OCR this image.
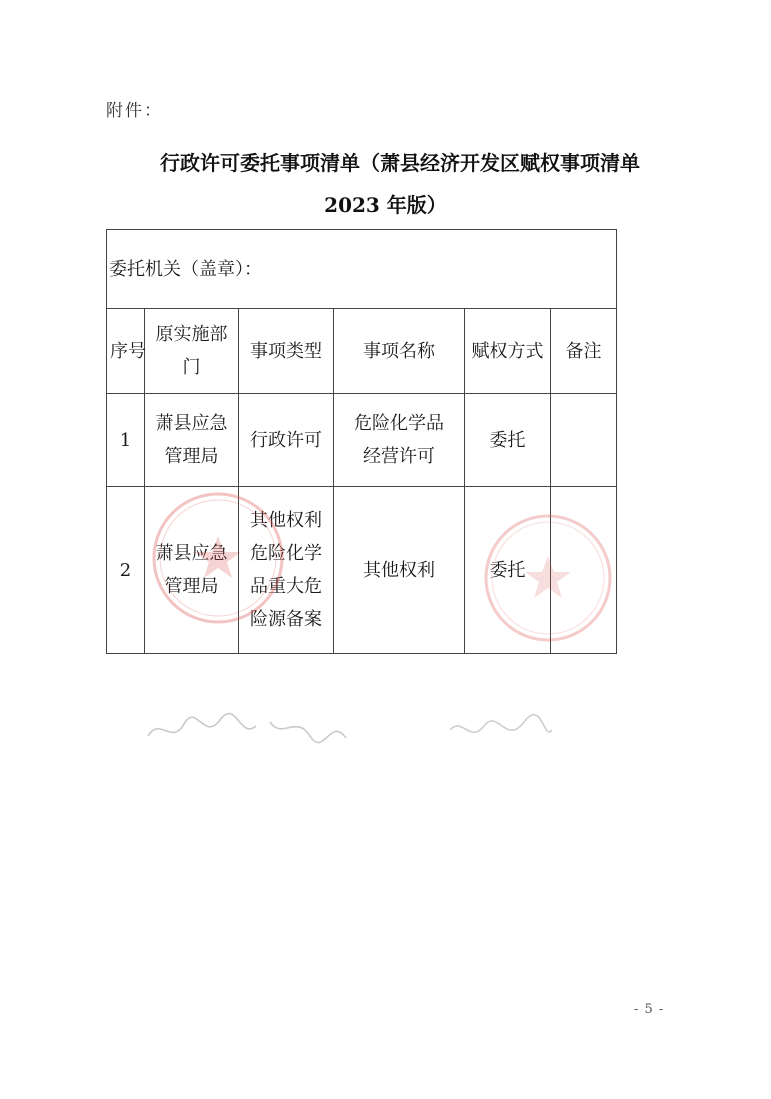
附件：
行政许可委托事项清单（萧县经济开发区赋权事项清单
2023 年版）
委托机关（盖章）：					

序号	原实施部门	事项类型	事项名称	赋权方式	备注

1	萧县应急管理局	行政许可	危险化学品经营许可	委托	
2	萧县应急管理局	其他权利危险化学品重大危险源备案	其他权利	委托	
- 5 -
